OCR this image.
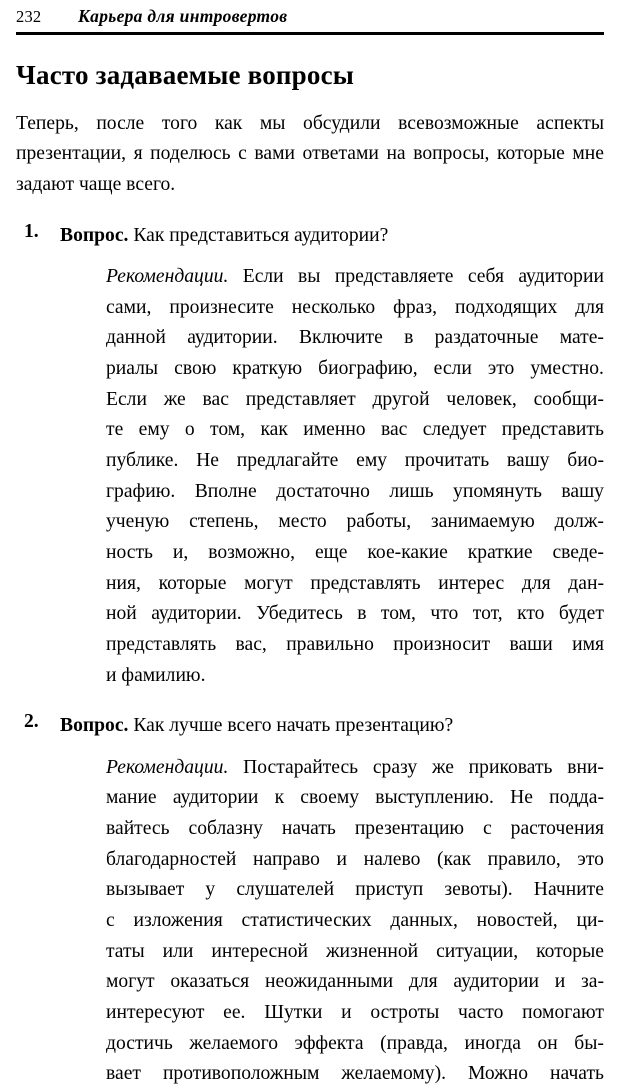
232	Карьера для интровертов
Часто задаваемые вопросы

Теперь, после того как мы обсудили всевозможные аспекты презентации, я поделюсь с вами ответами на вопросы, которые мне задают чаще всего.

1. Вопрос. Как представиться аудитории?

Рекомендации. Если вы представляете себя аудитории
сами, произнесите несколько фраз, подходящих для
данной аудитории. Включите в раздаточные мате-
риалы свою краткую биографию, если это уместно.
Если же вас представляет другой человек, сообщи-
те ему о том, как именно вас следует представить
публике. Не предлагайте ему прочитать вашу био-
графию. Вполне достаточно лишь упомянуть вашу
ученую степень, место работы, занимаемую долж-
ность и, возможно, еще кое-какие краткие сведе-
ния, которые могут представлять интерес для дан-
ной аудитории. Убедитесь в том, что тот, кто будет
представлять вас, правильно произносит ваши имя
и фамилию.
2. Вопрос. Как лучше всего начать презентацию?

Рекомендации. Постарайтесь сразу же приковать вни-
мание аудитории к своему выступлению. Не подда-
вайтесь соблазну начать презентацию с расточения
благодарностей направо и налево (как правило, это
вызывает у слушателей приступ зевоты). Начните
с изложения статистических данных, новостей, ци-
таты или интересной жизненной ситуации, которые
могут оказаться неожиданными для аудитории и за-
интересуют ее. Шутки и остроты часто помогают
достичь желаемого эффекта (правда, иногда он бы-
вает противоположным желаемому). Можно начать
